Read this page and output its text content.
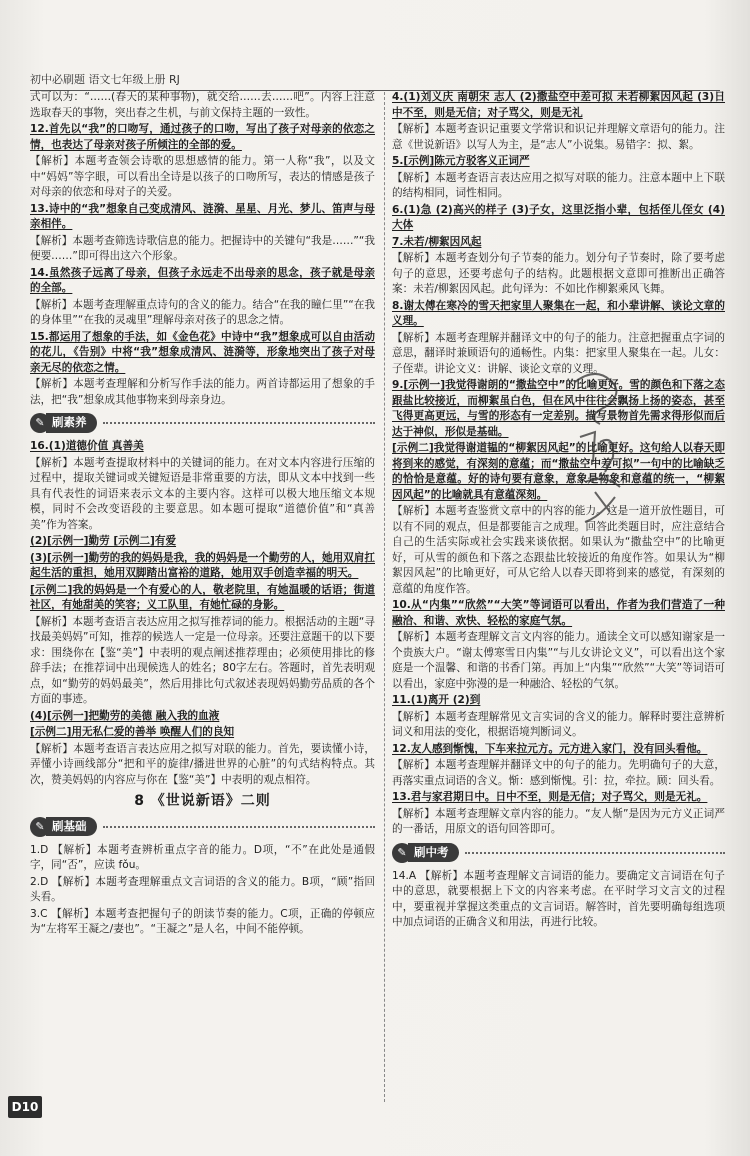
初中必刷题 语文七年级上册 RJ
式可以为：“……(春天的某种事物)，就交给……去……吧”。内容上注意选取春天的事物，突出春之生机，与前文保持主题的一致性。
12.首先以“我”的口吻写，通过孩子的口吻，写出了孩子对母亲的依恋之情，也表达了母亲对孩子所倾注的全部的爱。
【解析】本题考查领会诗歌的思想感情的能力。第一人称“我”，以及文中“妈妈”等字眼，可以看出全诗是以孩子的口吻所写，表达的情感是孩子对母亲的依恋和母对子的关爱。
13.诗中的“我”想象自己变成清风、涟漪、星星、月光、梦儿、笛声与母亲相伴。
【解析】本题考查筛选诗歌信息的能力。把握诗中的关键句“我是……”“我便要……”即可得出这六个形象。
14.虽然孩子远离了母亲，但孩子永远走不出母亲的思念，孩子就是母亲的全部。
【解析】本题考查理解重点诗句的含义的能力。结合“在我的瞳仁里”“在我的身体里”“在我的灵魂里”理解母亲对孩子的思念之情。
15.都运用了想象的手法，如《金色花》中诗中“我”想象成可以自由活动的花儿，《告别》中将“我”想象成清风、涟漪等，形象地突出了孩子对母亲无尽的依恋之情。
【解析】本题考查理解和分析写作手法的能力。两首诗都运用了想象的手法，把“我”想象成其他事物来到母亲身边。
✎ 刷素养
16.(1)道德价值 真善美
【解析】本题考查提取材料中的关键词的能力。在对文本内容进行压缩的过程中，提取关键词或关键短语是非常重要的方法，即从文本中找到一些具有代表性的词语来表示文本的主要内容。这样可以极大地压缩文本规模，同时不会改变语段的主要意思。如本题可提取“道德价值”和“真善美”作为答案。
(2)[示例一]勤劳 [示例二]有爱
(3)[示例一]勤劳的我的妈妈是我，我的妈妈是一个勤劳的人，她用双肩扛起生活的重担，她用双脚踏出富裕的道路，她用双手创造幸福的明天。
[示例二]我的妈妈是一个有爱心的人，敬老院里，有她温暖的话语；街道社区，有她甜美的笑容；义工队里，有她忙碌的身影。
【解析】本题考查语言表达应用之拟写推荐词的能力。根据活动的主题“寻找最美妈妈”可知，推荐的候选人一定是一位母亲。还要注意题干的以下要求：围绕你在【鉴“美”】中表明的观点阐述推荐理由；必须使用排比的修辞手法；在推荐词中出现候选人的姓名；80字左右。答题时，首先表明观点，如“勤劳的妈妈最美”，然后用排比句式叙述表现妈妈勤劳品质的各个方面的事迹。
(4)[示例一]把勤劳的美德 融入我的血液
[示例二]用无私仁爱的善举 唤醒人们的良知
【解析】本题考查语言表达应用之拟写对联的能力。首先，要读懂小诗，弄懂小诗画线部分“把和平的旋律/播进世界的心脏”的句式结构特点。其次，赞美妈妈的内容应与你在【鉴“美”】中表明的观点相符。
8 《世说新语》二则
✎ 刷基础
1.D 【解析】本题考查辨析重点字音的能力。D项，“不”在此处是通假字，同“否”，应读 fǒu。
2.D 【解析】本题考查理解重点文言词语的含义的能力。B项，“顾”指回头看。
3.C 【解析】本题考查把握句子的朗读节奏的能力。C项，正确的停顿应为“左将军王凝之/妻也”。“王凝之”是人名，中间不能停顿。
4.(1)刘义庆 南朝宋 志人 (2)撒盐空中差可拟 未若柳絮因风起 (3)日中不至，则是无信；对子骂父，则是无礼
【解析】本题考查识记重要文学常识和识记并理解文章语句的能力。注意《世说新语》以写人为主，是“志人”小说集。易错字：拟、絮。
5.[示例]陈元方驳客义正词严
【解析】本题考查语言表达应用之拟写对联的能力。注意本题中上下联的结构相同，词性相同。
6.(1)急 (2)高兴的样子 (3)子女，这里泛指小辈，包括侄儿侄女 (4)大体
7.未若/柳絮因风起
【解析】本题考查划分句子节奏的能力。划分句子节奏时，除了要考虑句子的意思，还要考虑句子的结构。此题根据文意即可推断出正确答案：未若/柳絮因风起。此句译为：不如比作柳絮乘风飞舞。
8.谢太傅在寒冷的雪天把家里人聚集在一起，和小辈讲解、谈论文章的义理。
【解析】本题考查理解并翻译文中的句子的能力。注意把握重点字词的意思，翻译时兼顾语句的通畅性。内集：把家里人聚集在一起。儿女：子侄辈。讲论文义：讲解、谈论文章的义理。
9.[示例一]我觉得谢朗的“撒盐空中”的比喻更好。雪的颜色和下落之态跟盐比较接近，而柳絮虽白色，但在风中往往会飘扬上扬的姿态，甚至飞得更高更远，与雪的形态有一定差别。描写景物首先需求得形似而后达于神似，形似是基础。
[示例二]我觉得谢道韫的“柳絮因风起”的比喻更好。这句给人以春天即将到来的感觉，有深刻的意蕴；而“撒盐空中差可拟”一句中的比喻缺乏的恰恰是意蕴。好的诗句要有意象，意象是物象和意蕴的统一，“柳絮因风起”的比喻就具有意蕴深刻。
【解析】本题考查鉴赏文章中的内容的能力。这是一道开放性题目，可以有不同的观点，但是都要能言之成理。回答此类题目时，应注意结合自己的生活实际或社会实践来谈依据。如果认为“撒盐空中”的比喻更好，可从雪的颜色和下落之态跟盐比较接近的角度作答。如果认为“柳絮因风起”的比喻更好，可从它给人以春天即将到来的感觉，有深刻的意蕴的角度作答。
10.从“内集”“欣然”“大笑”等词语可以看出，作者为我们营造了一种融洽、和谐、欢快、轻松的家庭气氛。
【解析】本题考查理解文言文内容的能力。通读全文可以感知谢家是一个贵族大户。“谢太傅寒雪日内集”“与儿女讲论文义”，可以看出这个家庭是一个温馨、和谐的书香门第。再加上“内集”“欣然”“大笑”等词语可以看出，家庭中弥漫的是一种融洽、轻松的气氛。
11.(1)离开 (2)到
【解析】本题考查理解常见文言实词的含义的能力。解释时要注意辨析词义和用法的变化，根据语境判断词义。
12.友人感到惭愧，下车来拉元方。元方进入家门，没有回头看他。
【解析】本题考查理解并翻译文中的句子的能力。先明确句子的大意，再落实重点词语的含义。惭：感到惭愧。引：拉，牵拉。顾：回头看。
13.君与家君期日中。日中不至，则是无信；对子骂父，则是无礼。
【解析】本题考查理解文章内容的能力。“友人惭”是因为元方义正词严的一番话，用原文的语句回答即可。
✎ 刷中考
14.A 【解析】本题考查理解文言词语的能力。要确定文言词语在句子中的意思，就要根据上下文的内容来考虑。在平时学习文言文的过程中，要重视并掌握这类重点的文言词语。解答时，首先要明确每组选项中加点词语的正确含义和用法，再进行比较。
D10
